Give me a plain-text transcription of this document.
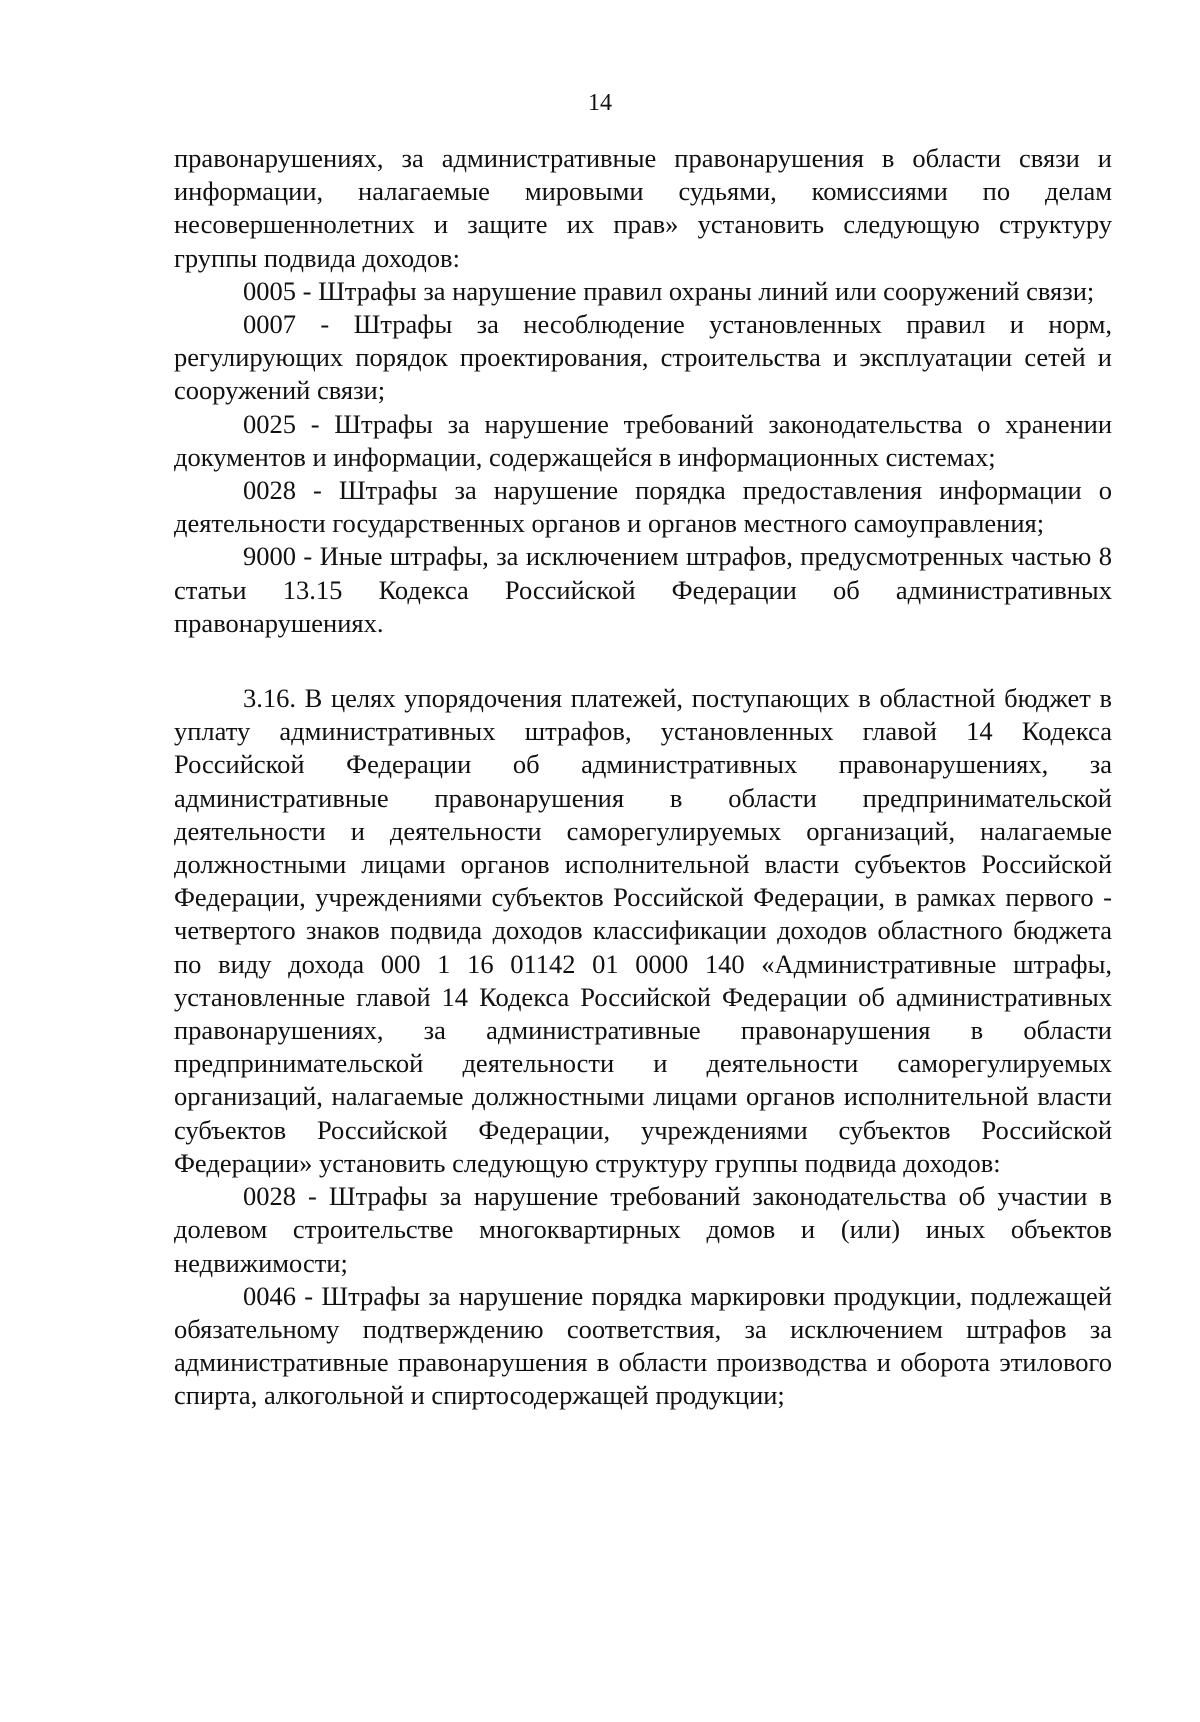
14

правонарушениях, за административные правонарушения в области связи и информации, налагаемые мировыми судьями, комиссиями по делам несовершеннолетних и защите их прав» установить следующую структуру группы подвида доходов:

0005 - Штрафы за нарушение правил охраны линий или сооружений связи;

0007 - Штрафы за несоблюдение установленных правил и норм, регулирующих порядок проектирования, строительства и эксплуатации сетей и сооружений связи;

0025 - Штрафы за нарушение требований законодательства о хранении документов и информации, содержащейся в информационных системах;

0028 - Штрафы за нарушение порядка предоставления информации о деятельности государственных органов и органов местного самоуправления;

9000 - Иные штрафы, за исключением штрафов, предусмотренных частью 8 статьи 13.15 Кодекса Российской Федерации об административных правонарушениях.

3.16. В целях упорядочения платежей, поступающих в областной бюджет в уплату административных штрафов, установленных главой 14 Кодекса Российской Федерации об административных правонарушениях, за административные правонарушения в области предпринимательской деятельности и деятельности саморегулируемых организаций, налагаемые должностными лицами органов исполнительной власти субъектов Российской Федерации, учреждениями субъектов Российской Федерации, в рамках первого - четвертого знаков подвида доходов классификации доходов областного бюджета по виду дохода 000 1 16 01142 01 0000 140 «Административные штрафы, установленные главой 14 Кодекса Российской Федерации об административных правонарушениях, за административные правонарушения в области предпринимательской деятельности и деятельности саморегулируемых организаций, налагаемые должностными лицами органов исполнительной власти субъектов Российской Федерации, учреждениями субъектов Российской Федерации» установить следующую структуру группы подвида доходов:

0028 - Штрафы за нарушение требований законодательства об участии в долевом строительстве многоквартирных домов и (или) иных объектов недвижимости;

0046 - Штрафы за нарушение порядка маркировки продукции, подлежащей обязательному подтверждению соответствия, за исключением штрафов за административные правонарушения в области производства и оборота этилового спирта, алкогольной и спиртосодержащей продукции;
